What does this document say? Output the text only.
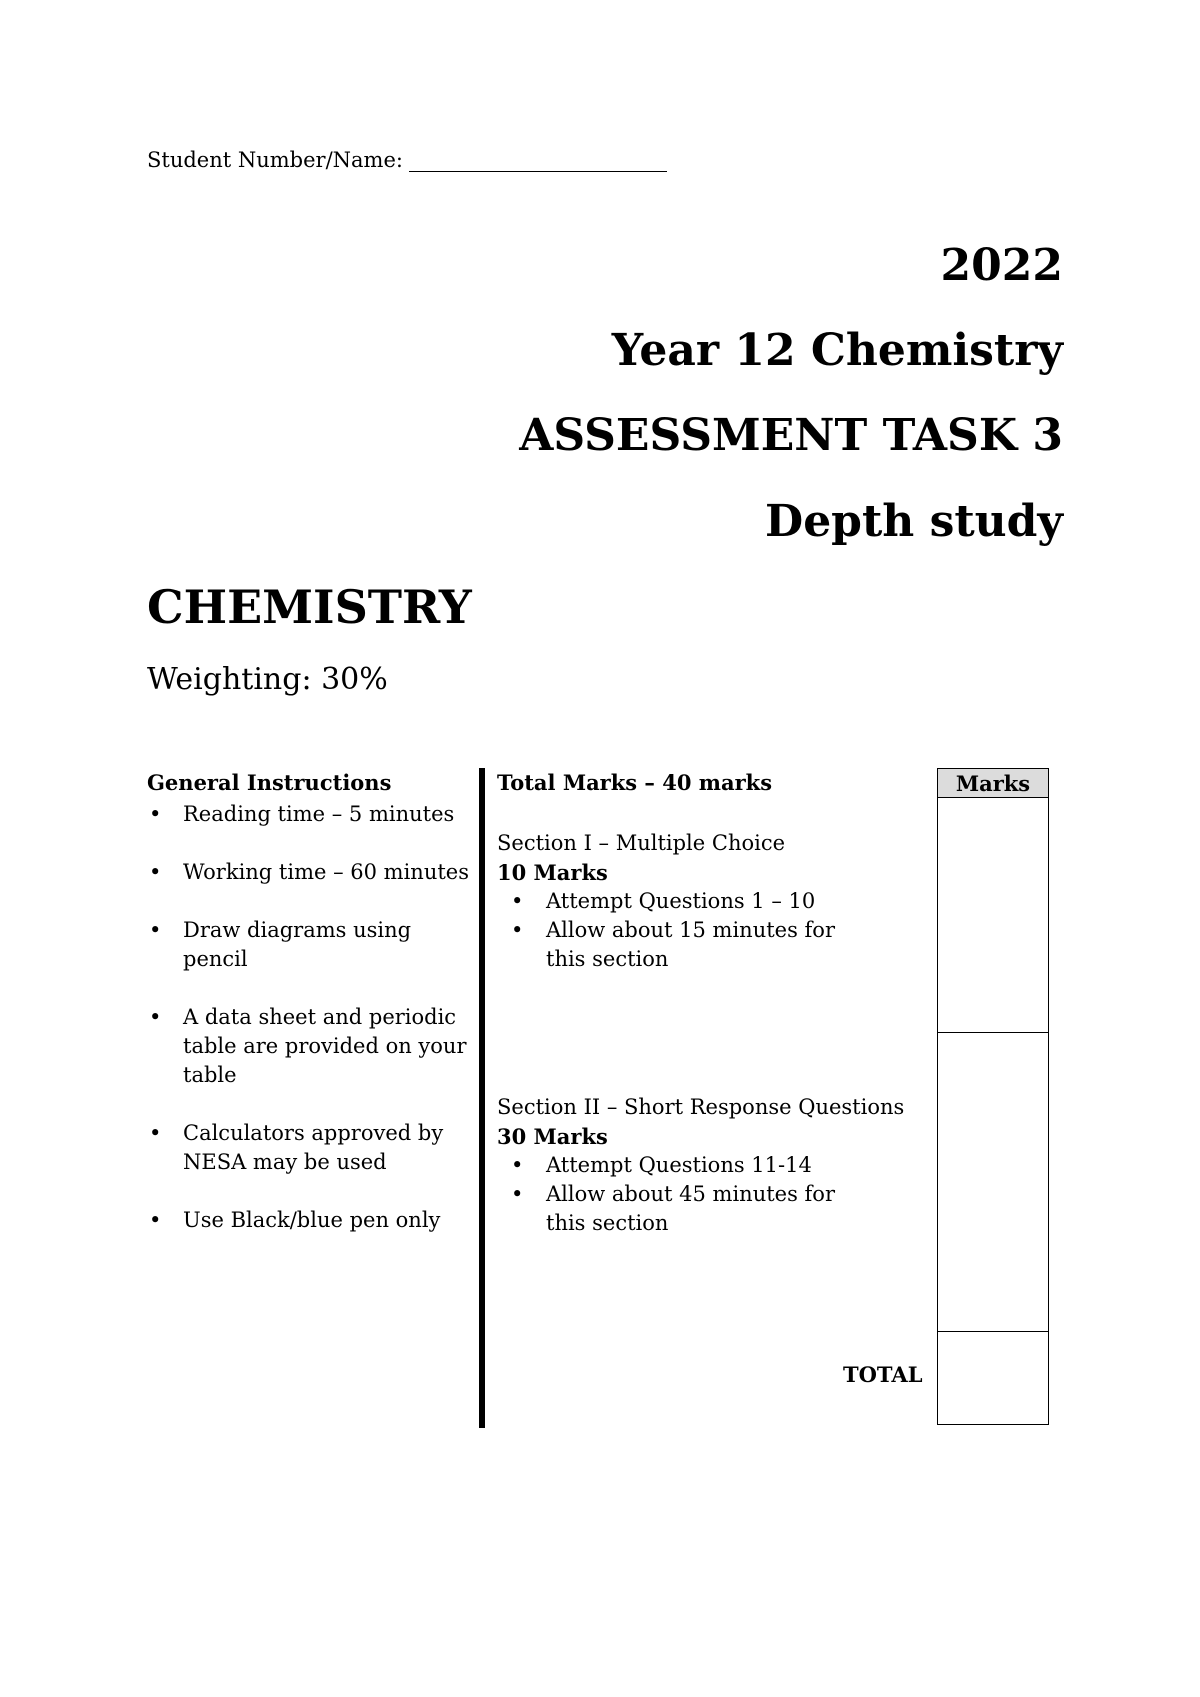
Student Number/Name:
2022
Year 12 Chemistry
ASSESSMENT TASK 3
Depth study
CHEMISTRY
Weighting: 30%
General Instructions
• Reading time – 5 minutes
• Working time – 60 minutes
• Draw diagrams using pencil
• A data sheet and periodic table are provided on your table
• Calculators approved by NESA may be used
• Use Black/blue pen only
Total Marks – 40 marks
Section I – Multiple Choice
10 Marks
• Attempt Questions 1 – 10
• Allow about 15 minutes for this section
Section II – Short Response Questions
30 Marks
• Attempt Questions 11-14
• Allow about 45 minutes for this section
TOTAL
Marks
